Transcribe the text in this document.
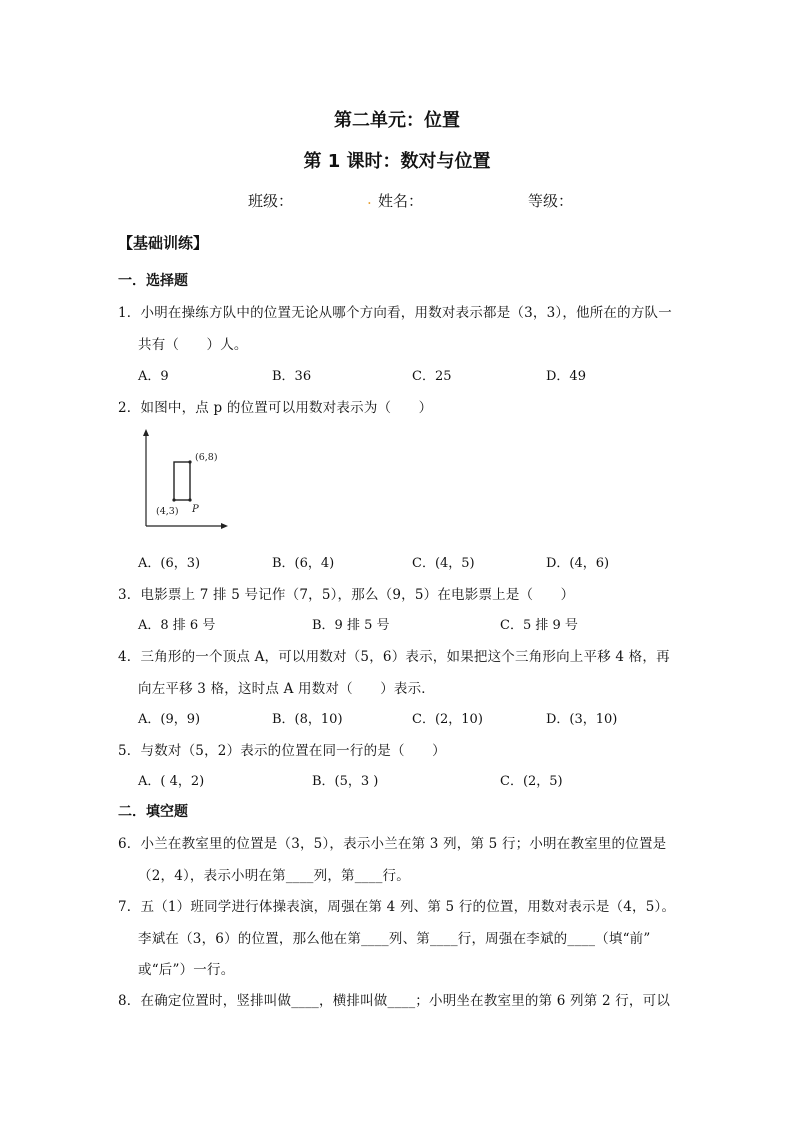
第二单元：位置
第 1 课时：数对与位置
班级：	. 姓名：	等级：
【基础训练】
一．选择题
1．小明在操练方队中的位置无论从哪个方向看，用数对表示都是（3，3），他所在的方队一
共有（　　）人。
A．9	B．36	C．25	D．49
2．如图中，点 p 的位置可以用数对表示为（　　）
(6,8)
(4,3) P
A．(6，3)	B．(6，4)	C．(4，5)	D．(4，6)
3．电影票上 7 排 5 号记作（7，5），那么（9，5）在电影票上是（　　）
A．8 排 6 号	B．9 排 5 号	C．5 排 9 号
4．三角形的一个顶点 A，可以用数对（5，6）表示，如果把这个三角形向上平移 4 格，再
向左平移 3 格，这时点 A 用数对（　　）表示．
A．(9，9)	B．(8，10)	C．(2，10)	D．(3，10)
5．与数对（5，2）表示的位置在同一行的是（　　）
A．( 4，2)	B．(5，3 )	C．(2，5)
二．填空题
6．小兰在教室里的位置是（3，5），表示小兰在第 3 列，第 5 行；小明在教室里的位置是
（2，4），表示小明在第____列，第____行。
7．五（1）班同学进行体操表演，周强在第 4 列、第 5 行的位置，用数对表示是（4，5）。
李斌在（3，6）的位置，那么他在第____列、第____行，周强在李斌的____（填“前”
或“后”）一行。
8．在确定位置时，竖排叫做____，横排叫做____；小明坐在教室里的第 6 列第 2 行，可以
